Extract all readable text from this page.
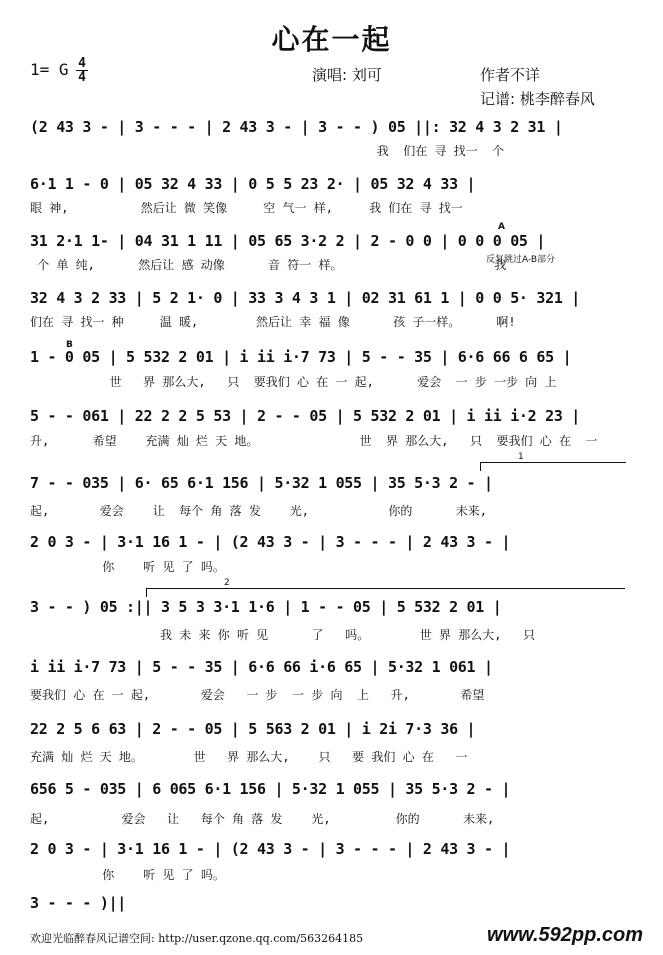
心在一起
1= G 4
4	演唱: 刘可	作者不详
记谱: 桃李醉春风
(2 43 3 - | 3 - - - | 2 43 3 - | 3 - - ) 05 ||: 32 4 3 2 31 |
我  们在 寻 找一  个
6·1 1 - 0 | 05 32 4 33 | 0 5 5 23 2· | 05 32 4 33 |
眼 神,          然后让 微 笑像     空 气一 样,     我 们在 寻 找一
31 2·1 1- | 04 31 1 11 | 05 65 3·2 2 | 2 - 0 0 | 0 0 0 05 |
个 单 纯,      然后让 感 动像      音 符一 样。                     我
32 4 3 2 33 | 5 2 1· 0 | 33 3 4 3 1 | 02 31 61 1 | 0 0 5· 321 |
们在 寻 找一 种     温 暖,        然后让 幸 福 像      孩 子一样。     啊!
1 - 0 05 | 5 532 2 01 | i ii i·7 73 | 5 - - 35 | 6·6 66 6 65 |
世   界 那么大,   只  要我们 心 在 一 起,      爱会  一 步 一步 向 上
5 - - 061 | 22 2 2 5 53 | 2 - - 05 | 5 532 2 01 | i ii i·2 23 |
升,      希望    充满 灿 烂 天 地。              世  界 那么大,   只  要我们 心 在  一
7 - - 035 | 6· 65 6·1 156 | 5·32 1 055 | 35 5·3 2 - |
起,       爱会    让  每个 角 落 发    光,           你的      未来,
2 0 3 - | 3·1 16 1 - | (2 43 3 - | 3 - - - | 2 43 3 - |
你    听 见 了 吗。
3 - - ) 05 :|| 3 5 3 3·1 1·6 | 1 - - 05 | 5 532 2 01 |
我 未 来 你 听 见      了   吗。       世 界 那么大,   只
i ii i·7 73 | 5 - - 35 | 6·6 66 i·6 65 | 5·32 1 061 |
要我们 心 在 一 起,       爱会   一 步  一 步 向  上   升,       希望
22 2 5 6 63 | 2 - - 05 | 5 563 2 01 | i 2i 7·3 36 |
充满 灿 烂 天 地。       世   界 那么大,    只   要 我们 心 在   一
656 5 - 035 | 6 065 6·1 156 | 5·32 1 055 | 35 5·3 2 - |
起,          爱会   让   每个 角 落 发    光,         你的      未来,
2 0 3 - | 3·1 16 1 - | (2 43 3 - | 3 - - - | 2 43 3 - |
你    听 见 了 吗。
3 - - - )||
B
A
反复跳过A-B部分
1
2
欢迎光临醉春风记谱空间: http://user.qzone.qq.com/563264185	www.592pp.com
